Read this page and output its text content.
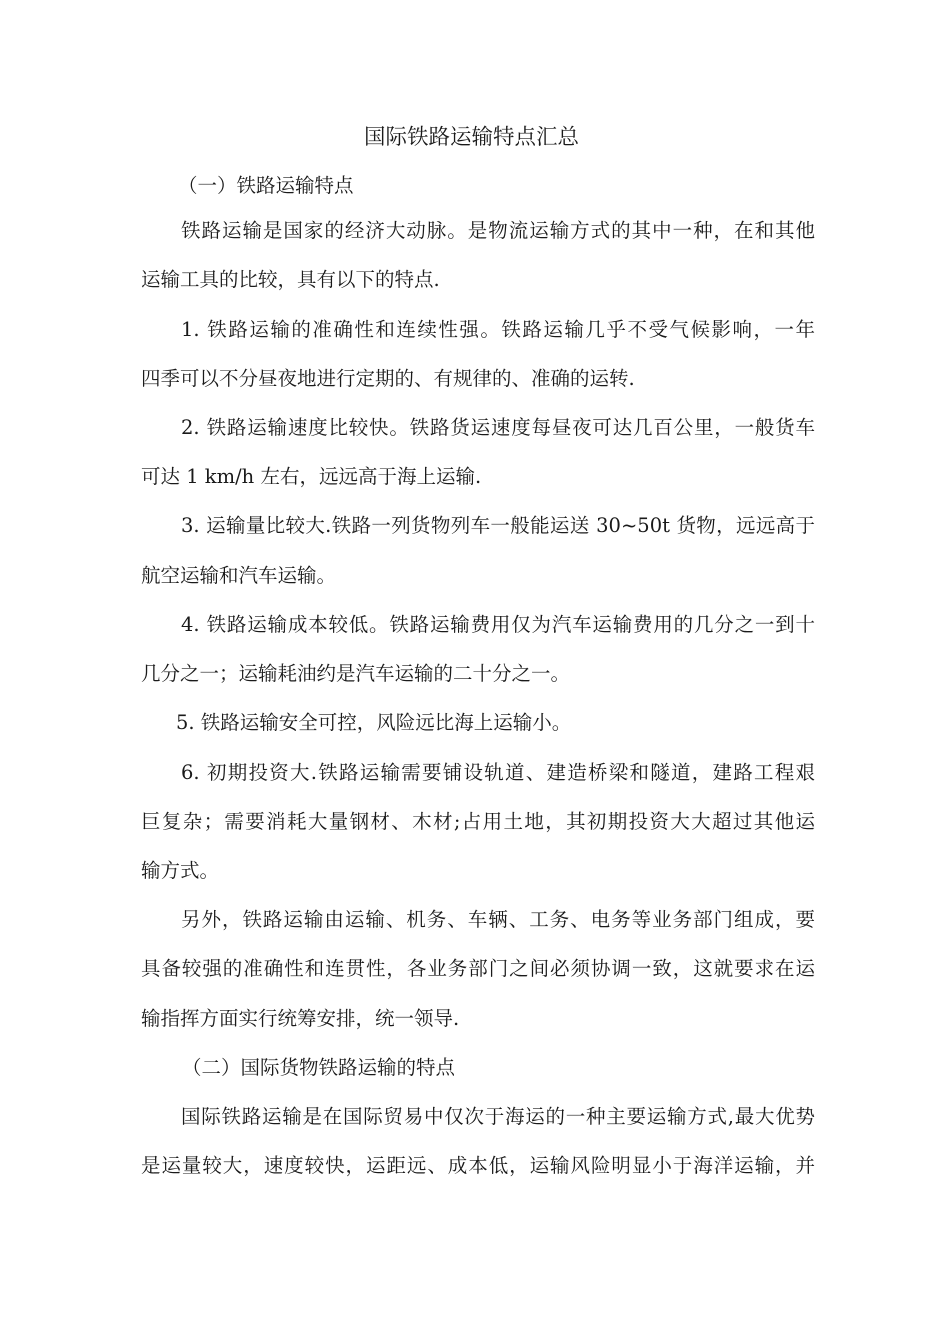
国际铁路运输特点汇总
（一）铁路运输特点
铁路运输是国家的经济大动脉。是物流运输方式的其中一种，在和其他
运输工具的比较，具有以下的特点.
1. 铁路运输的准确性和连续性强。铁路运输几乎不受气候影响，一年
四季可以不分昼夜地进行定期的、有规律的、准确的运转.
2. 铁路运输速度比较快。铁路货运速度每昼夜可达几百公里，一般货车
可达 1 km/h 左右，远远高于海上运输.
3. 运输量比较大.铁路一列货物列车一般能运送 30~50t 货物，远远高于
航空运输和汽车运输。
4. 铁路运输成本较低。铁路运输费用仅为汽车运输费用的几分之一到十
几分之一；运输耗油约是汽车运输的二十分之一。
5. 铁路运输安全可控，风险远比海上运输小。
6. 初期投资大.铁路运输需要铺设轨道、建造桥梁和隧道，建路工程艰
巨复杂；需要消耗大量钢材、木材;占用土地，其初期投资大大超过其他运
输方式。
另外，铁路运输由运输、机务、车辆、工务、电务等业务部门组成，要
具备较强的准确性和连贯性，各业务部门之间必须协调一致，这就要求在运
输指挥方面实行统筹安排，统一领导.
（二）国际货物铁路运输的特点
国际铁路运输是在国际贸易中仅次于海运的一种主要运输方式,最大优势
是运量较大，速度较快，运距远、成本低，运输风险明显小于海洋运输，并
